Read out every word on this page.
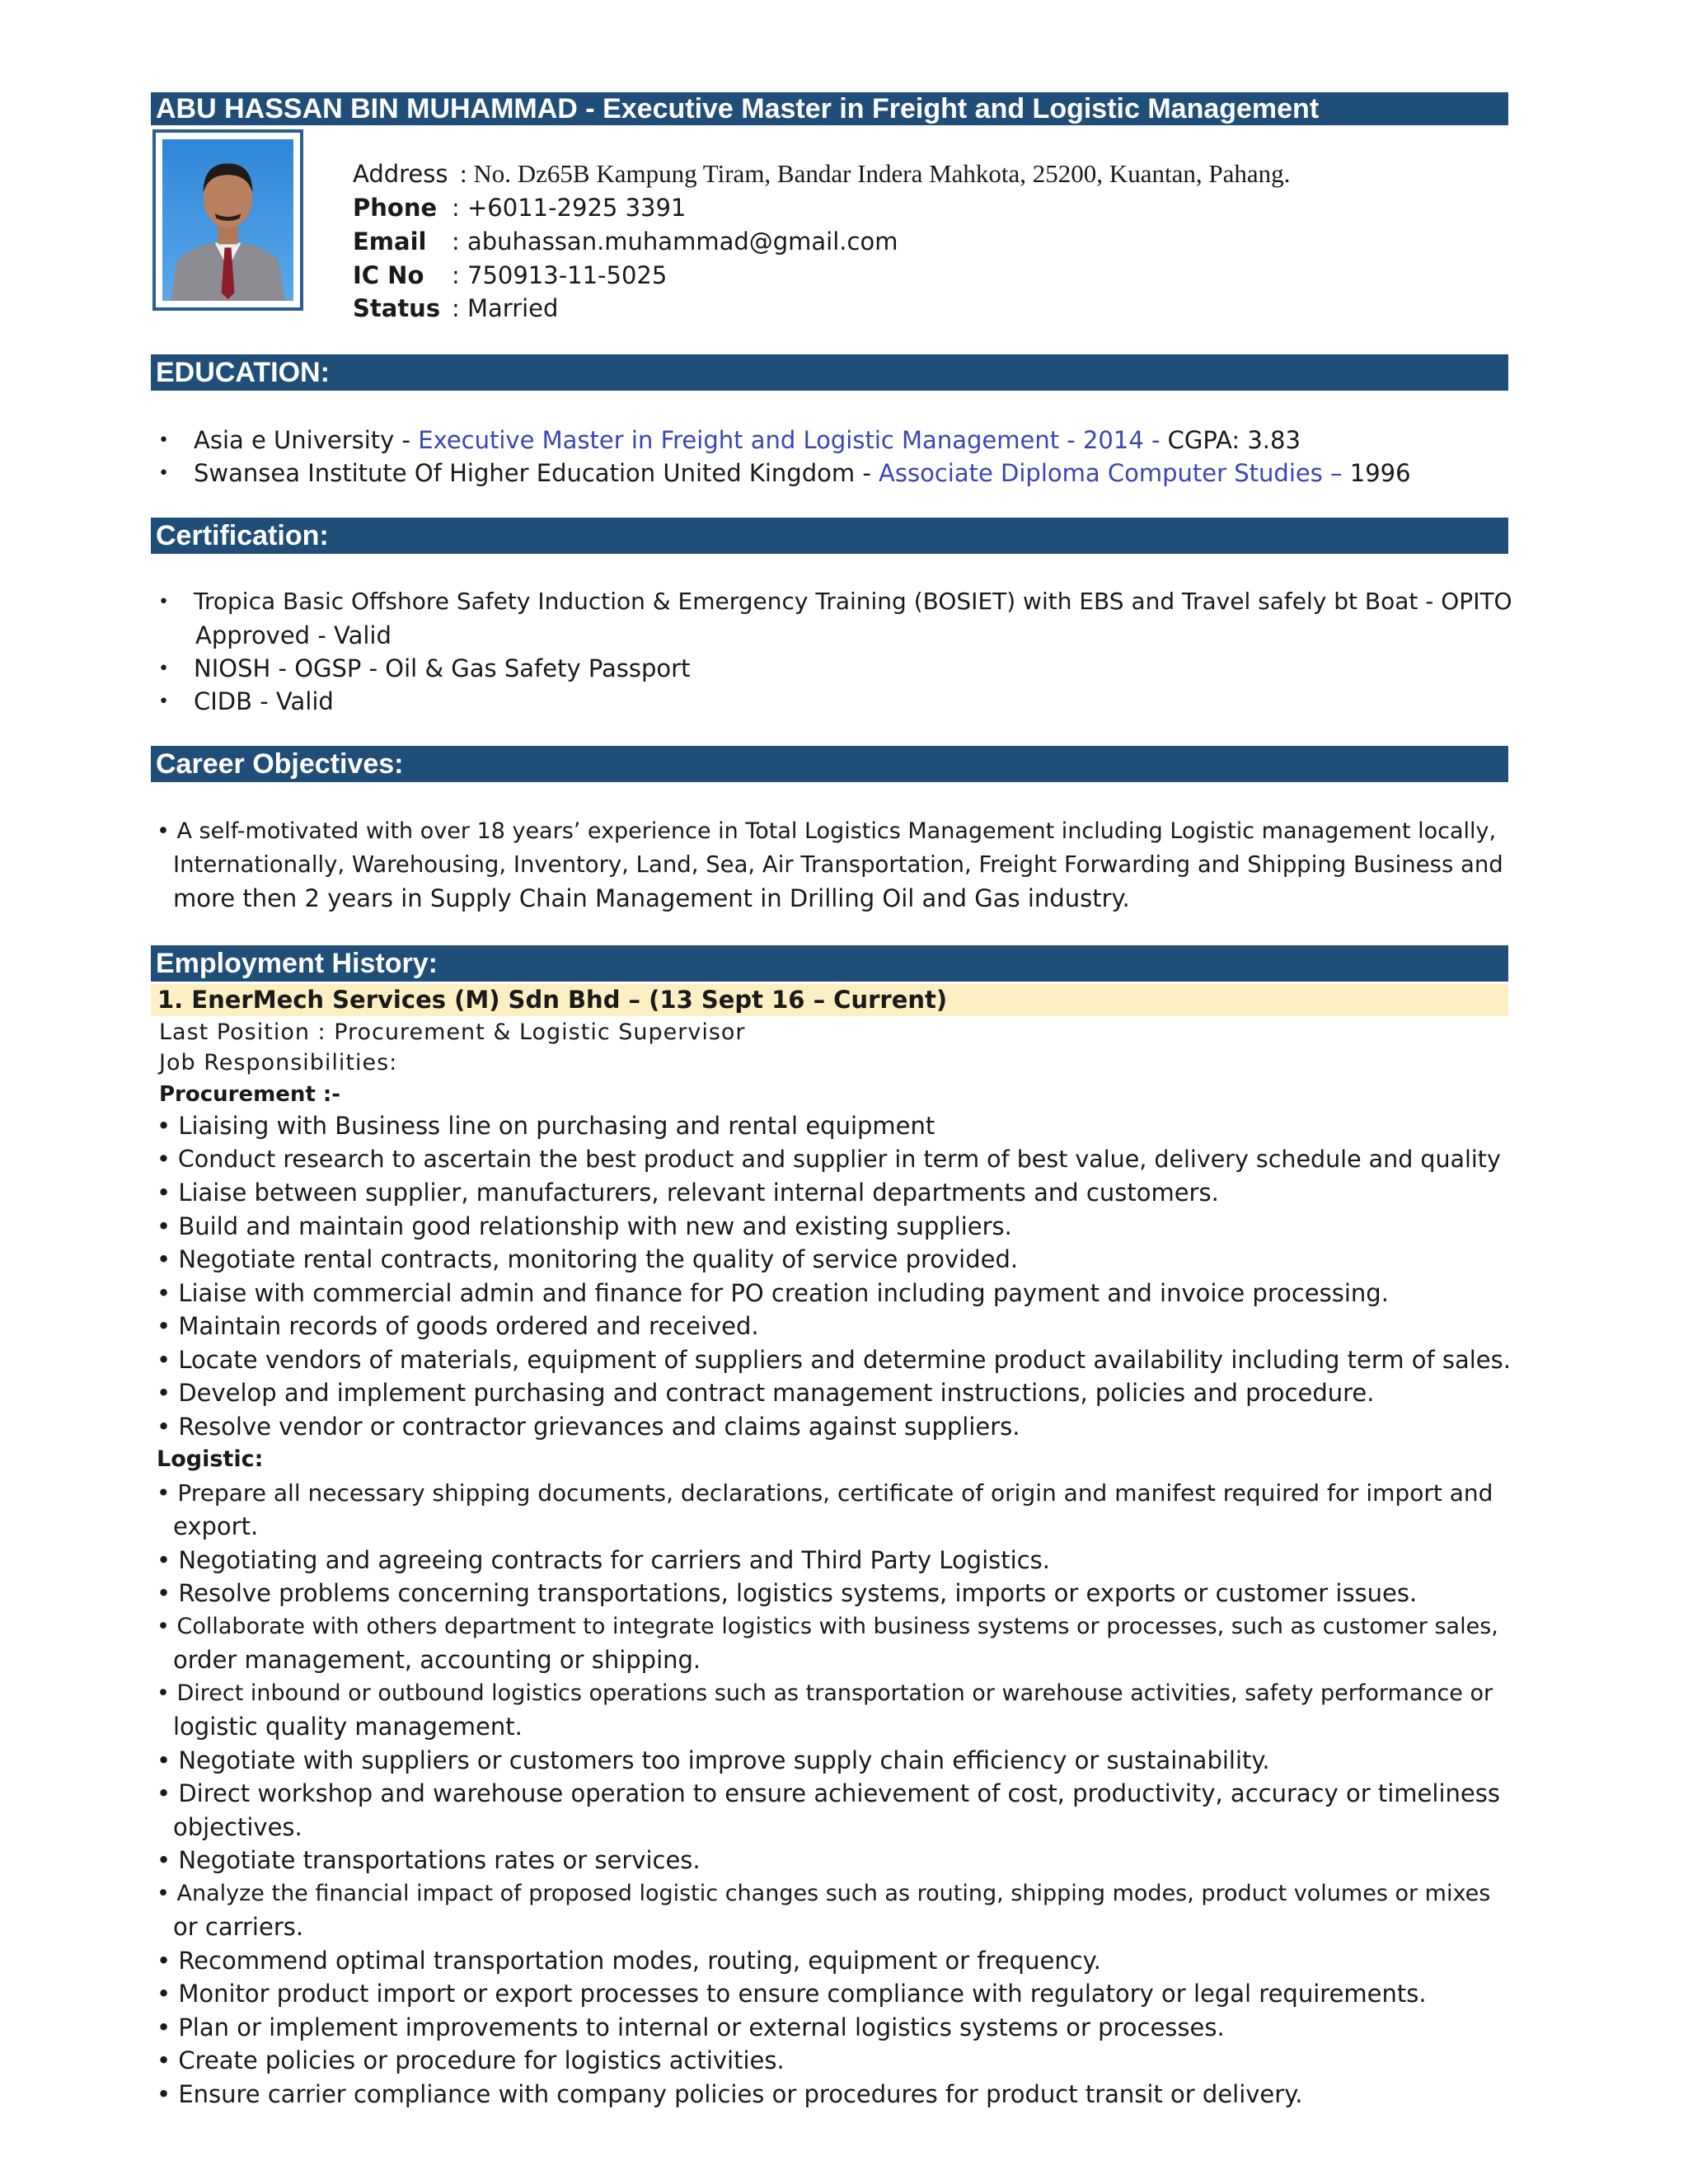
ABU HASSAN BIN MUHAMMAD - Executive Master in Freight and Logistic Management
Address : No. Dz65B Kampung Tiram, Bandar Indera Mahkota, 25200, Kuantan, Pahang.
Phone : +6011-2925 3391
Email : abuhassan.muhammad@gmail.com
IC No : 750913-11-5025
Status : Married
EDUCATION:
• Asia e University - Executive Master in Freight and Logistic Management - 2014 - CGPA: 3.83
• Swansea Institute Of Higher Education United Kingdom - Associate Diploma Computer Studies – 1996
Certification:
• Tropica Basic Offshore Safety Induction & Emergency Training (BOSIET) with EBS and Travel safely bt Boat - OPITO
Approved - Valid
• NIOSH - OGSP - Oil & Gas Safety Passport
• CIDB - Valid
Career Objectives:
• A self-motivated with over 18 years’ experience in Total Logistics Management including Logistic management locally,
Internationally, Warehousing, Inventory, Land, Sea, Air Transportation, Freight Forwarding and Shipping Business and
more then 2 years in Supply Chain Management in Drilling Oil and Gas industry.
Employment History:
1. EnerMech Services (M) Sdn Bhd – (13 Sept 16 – Current)
Last Position : Procurement & Logistic Supervisor
Job Responsibilities:
Procurement :-
• Liaising with Business line on purchasing and rental equipment
• Conduct research to ascertain the best product and supplier in term of best value, delivery schedule and quality
• Liaise between supplier, manufacturers, relevant internal departments and customers.
• Build and maintain good relationship with new and existing suppliers.
• Negotiate rental contracts, monitoring the quality of service provided.
• Liaise with commercial admin and finance for PO creation including payment and invoice processing.
• Maintain records of goods ordered and received.
• Locate vendors of materials, equipment of suppliers and determine product availability including term of sales.
• Develop and implement purchasing and contract management instructions, policies and procedure.
• Resolve vendor or contractor grievances and claims against suppliers.
Logistic:
• Prepare all necessary shipping documents, declarations, certificate of origin and manifest required for import and
export.
• Negotiating and agreeing contracts for carriers and Third Party Logistics.
• Resolve problems concerning transportations, logistics systems, imports or exports or customer issues.
• Collaborate with others department to integrate logistics with business systems or processes, such as customer sales,
order management, accounting or shipping.
• Direct inbound or outbound logistics operations such as transportation or warehouse activities, safety performance or
logistic quality management.
• Negotiate with suppliers or customers too improve supply chain efficiency or sustainability.
• Direct workshop and warehouse operation to ensure achievement of cost, productivity, accuracy or timeliness
objectives.
• Negotiate transportations rates or services.
• Analyze the financial impact of proposed logistic changes such as routing, shipping modes, product volumes or mixes
or carriers.
• Recommend optimal transportation modes, routing, equipment or frequency.
• Monitor product import or export processes to ensure compliance with regulatory or legal requirements.
• Plan or implement improvements to internal or external logistics systems or processes.
• Create policies or procedure for logistics activities.
• Ensure carrier compliance with company policies or procedures for product transit or delivery.
